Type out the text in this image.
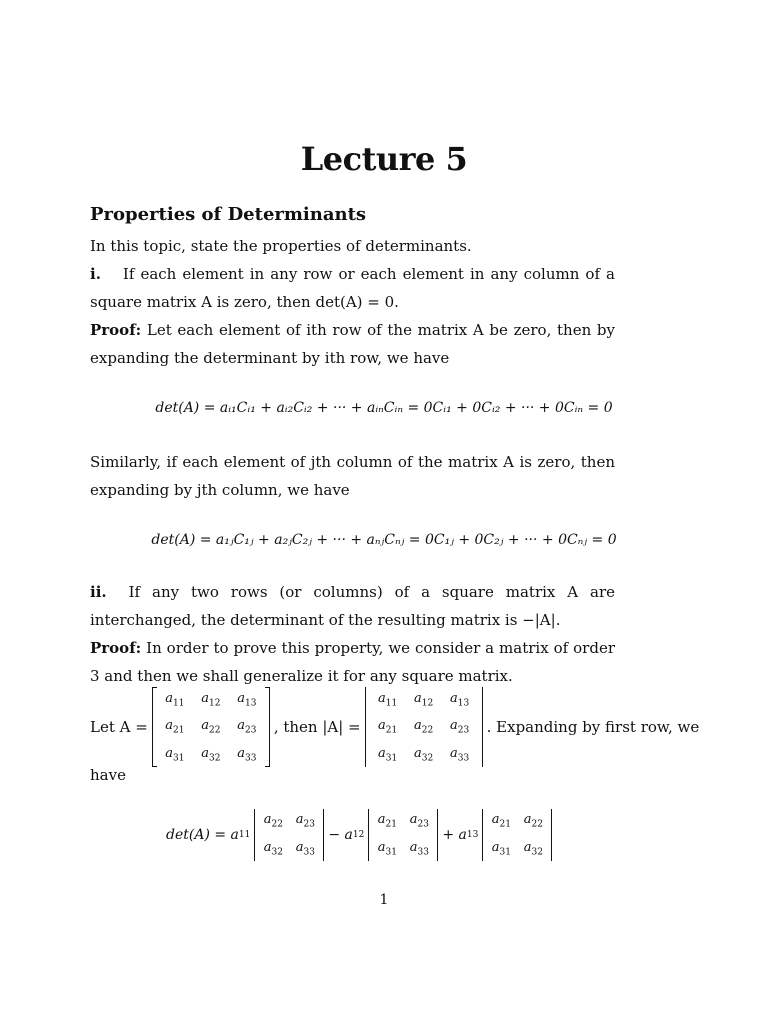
Lecture 5
Properties of Determinants
In this topic, state the properties of determinants.
i. If each element in any row or each element in any column of a square matrix A is zero, then det(A) = 0.
Proof: Let each element of ith row of the matrix A be zero, then by expanding the determinant by ith row, we have
det(A) = aᵢ₁Cᵢ₁ + aᵢ₂Cᵢ₂ + ··· + aᵢₙCᵢₙ = 0Cᵢ₁ + 0Cᵢ₂ + ··· + 0Cᵢₙ = 0
Similarly, if each element of jth column of the matrix A is zero, then expanding by jth column, we have
det(A) = a₁ⱼC₁ⱼ + a₂ⱼC₂ⱼ + ··· + aₙⱼCₙⱼ = 0C₁ⱼ + 0C₂ⱼ + ··· + 0Cₙⱼ = 0
ii. If any two rows (or columns) of a square matrix A are interchanged, the determinant of the resulting matrix is −|A|.
Proof: In order to prove this property, we consider a matrix of order 3 and then we shall generalize it for any square matrix.
Let A =
$a_{11}$	$a_{12}$	$a_{13}$
$a_{21}$	$a_{22}$	$a_{23}$
$a_{31}$	$a_{32}$	$a_{33}$
, then |A| =
$a_{11}$	$a_{12}$	$a_{13}$
$a_{21}$	$a_{22}$	$a_{23}$
$a_{31}$	$a_{32}$	$a_{33}$
. Expanding by first row, we
have
det(A) = a 11
$a_{22}$ $a_{23}$
$a_{32}$ $a_{33}$
− a 12
$a_{21}$ $a_{23}$
$a_{31}$ $a_{33}$
+ a 13
$a_{21}$ $a_{22}$
$a_{31}$ $a_{32}$
1
